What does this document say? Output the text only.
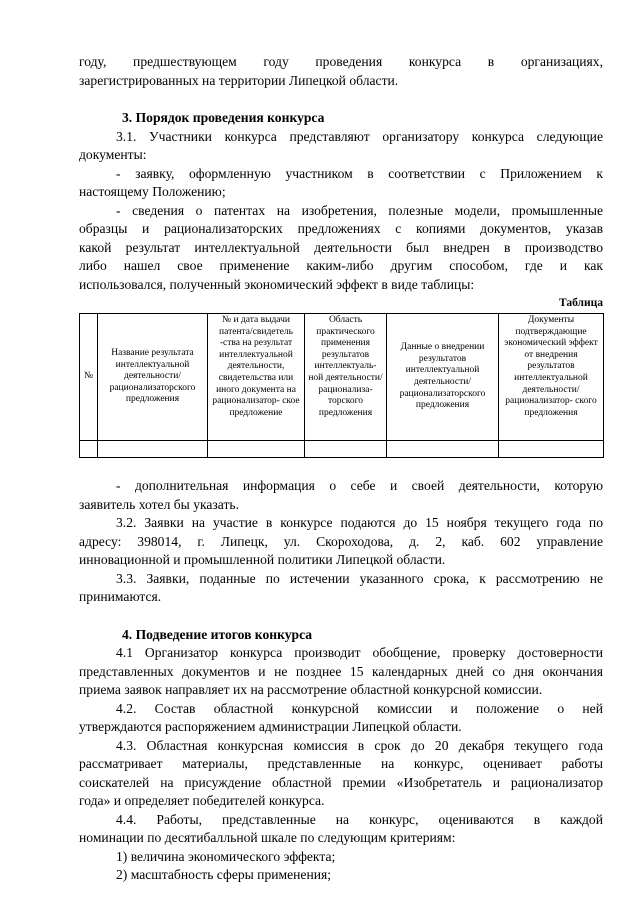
году, предшествующем году проведения конкурса в организациях,

зарегистрированных на территории Липецкой области.

3. Порядок проведения конкурса

3.1. Участники конкурса представляют организатору конкурса следующие

документы:

- заявку, оформленную участником в соответствии с Приложением к

настоящему Положению;

- сведения о патентах на изобретения, полезные модели, промышленные

образцы и рационализаторских предложениях с копиями документов, указав

какой результат интеллектуальной деятельности был внедрен в производство

либо нашел свое применение каким-либо другим способом, где и как

использовался, полученный экономический эффект в виде таблицы:

Таблица

№	Название результата интеллектуальной деятельности/ рационализаторского предложения	№ и дата выдачи патента/свидетель -ства на результат интеллектуальной деятельности, свидетельства или иного документа на рационализатор- ское предложение	Область практического применения результатов интеллектуаль- ной деятельности/ рационализа- торского предложения	Данные о внедрении результатов интеллектуальной деятельности/ рационализаторского предложения	Документы подтверждающие экономический эффект от внедрения результатов интеллектуальной деятельности/ рационализатор- ского предложения

- дополнительная информация о себе и своей деятельности, которую

заявитель хотел бы указать.

3.2. Заявки на участие в конкурсе подаются до 15 ноября текущего года по

адресу: 398014, г. Липецк, ул. Скороходова, д. 2, каб. 602 управление

инновационной и промышленной политики Липецкой области.

3.3. Заявки, поданные по истечении указанного срока, к рассмотрению не

принимаются.

4. Подведение итогов конкурса

4.1 Организатор конкурса производит обобщение, проверку достоверности

представленных документов и не позднее 15 календарных дней со дня окончания

приема заявок направляет их на рассмотрение областной конкурсной комиссии.

4.2. Состав областной конкурсной комиссии и положение о ней

утверждаются распоряжением администрации Липецкой области.

4.3. Областная конкурсная комиссия в срок до 20 декабря текущего года

рассматривает материалы, представленные на конкурс, оценивает работы

соискателей на присуждение областной премии «Изобретатель и рационализатор

года» и определяет победителей конкурса.

4.4. Работы, представленные на конкурс, оцениваются в каждой

номинации по десятибалльной шкале по следующим критериям:

1) величина экономического эффекта;

2) масштабность сферы применения;
